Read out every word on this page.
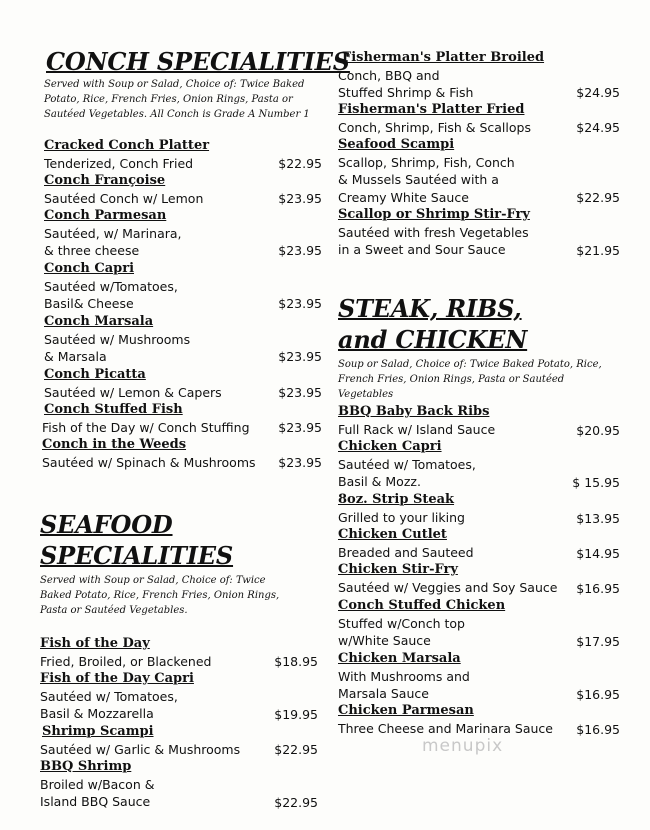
CONCH SPECIALITIES
Served with Soup or Salad, Choice of: Twice Baked Potato, Rice, French Fries, Onion Rings, Pasta or Sautéed Vegetables. All Conch is Grade A Number 1
Cracked Conch Platter
Tenderized, Conch Fried	$22.95
Conch Françoise
Sautéed Conch w/ Lemon	$23.95
Conch Parmesan
Sautéed, w/ Marinara,
& three cheese	$23.95
Conch Capri
Sautéed w/Tomatoes,
Basil& Cheese	$23.95
Conch Marsala
Sautéed w/ Mushrooms
& Marsala	$23.95
Conch Picatta
Sautéed w/ Lemon & Capers	$23.95
Conch Stuffed Fish
Fish of the Day w/ Conch Stuffing $23.95
Conch in the Weeds
Sautéed w/ Spinach & Mushrooms $23.95
SEAFOOD
SPECIALITIES
Served with Soup or Salad, Choice of: Twice Baked Potato, Rice, French Fries, Onion Rings, Pasta or Sautéed Vegetables.
Fish of the Day
Fried, Broiled, or Blackened	$18.95
Fish of the Day Capri
Sautéed w/ Tomatoes,
Basil & Mozzarella	$19.95
Shrimp Scampi
Sautéed w/ Garlic & Mushrooms	$22.95
BBQ Shrimp
Broiled w/Bacon &
Island BBQ Sauce	$22.95
Fisherman's Platter Broiled
Conch, BBQ and
Stuffed Shrimp & Fish	$24.95
Fisherman's Platter Fried
Conch, Shrimp, Fish & Scallops	$24.95
Seafood Scampi
Scallop, Shrimp, Fish, Conch
& Mussels Sautéed with a
Creamy White Sauce	$22.95
Scallop or Shrimp Stir-Fry
Sautéed with fresh Vegetables
in a Sweet and Sour Sauce	$21.95
STEAK, RIBS,
and CHICKEN
Soup or Salad, Choice of: Twice Baked Potato, Rice, French Fries, Onion Rings, Pasta or Sautéed Vegetables
BBQ Baby Back Ribs
Full Rack w/ Island Sauce	$20.95
Chicken Capri
Sautéed w/ Tomatoes,
Basil & Mozz.	$ 15.95
8oz. Strip Steak
Grilled to your liking	$13.95
Chicken Cutlet
Breaded and Sauteed	$14.95
Chicken Stir-Fry
Sautéed w/ Veggies and Soy Sauce $16.95
Conch Stuffed Chicken
Stuffed w/Conch top
w/White Sauce	$17.95
Chicken Marsala
With Mushrooms and
Marsala Sauce	$16.95
Chicken Parmesan
Three Cheese and Marinara Sauce $16.95
menupix
